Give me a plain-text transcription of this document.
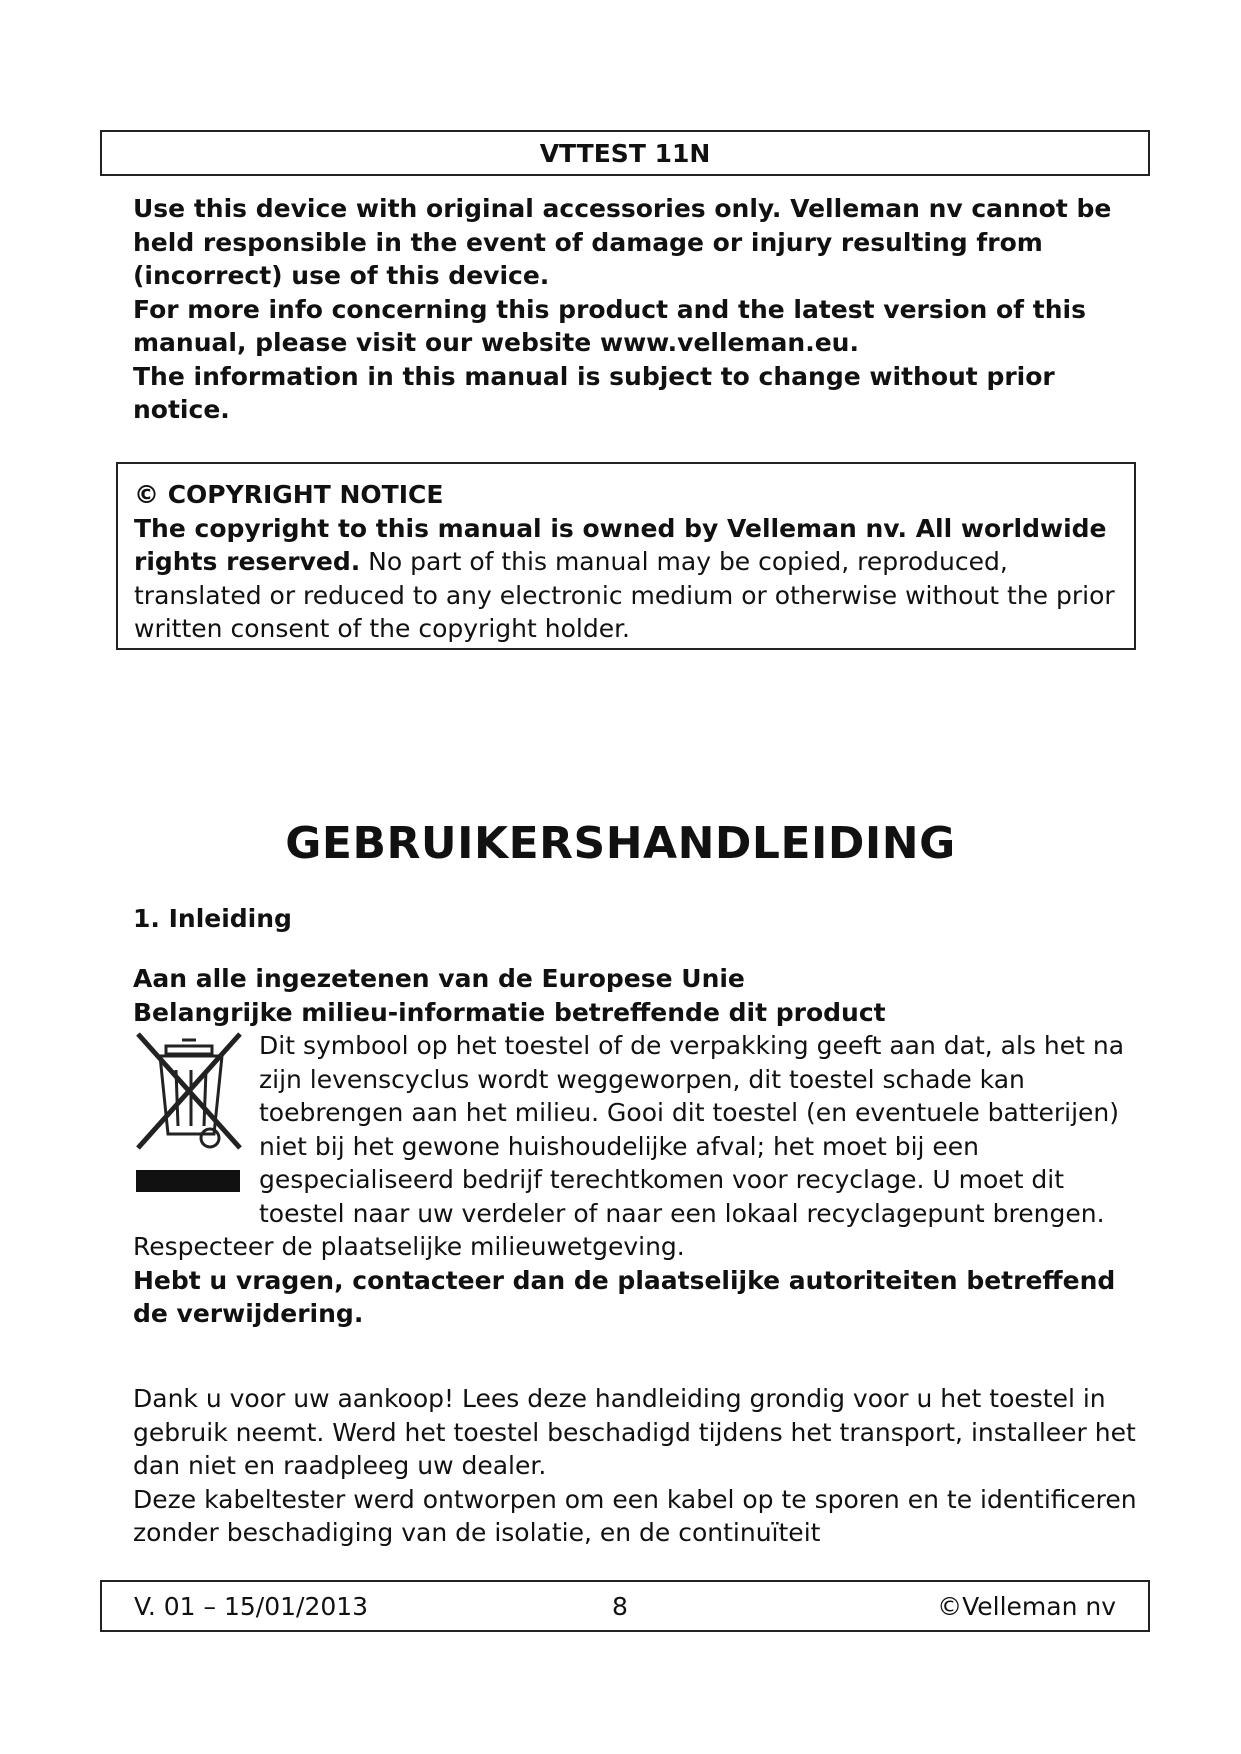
VTTEST 11N

Use this device with original accessories only. Velleman nv cannot be held responsible in the event of damage or injury resulting from (incorrect) use of this device.

For more info concerning this product and the latest version of this manual, please visit our website www.velleman.eu.

The information in this manual is subject to change without prior notice.

© COPYRIGHT NOTICE

The copyright to this manual is owned by Velleman nv. All worldwide rights reserved. No part of this manual may be copied, reproduced, translated or reduced to any electronic medium or otherwise without the prior written consent of the copyright holder.

GEBRUIKERSHANDLEIDING
1. Inleiding

Aan alle ingezetenen van de Europese Unie

Belangrijke milieu-informatie betreffende dit product

Dit symbool op het toestel of de verpakking geeft aan dat, als het na zijn levenscyclus wordt weggeworpen, dit toestel schade kan toebrengen aan het milieu. Gooi dit toestel (en eventuele batterijen) niet bij het gewone huishoudelijke afval; het moet bij een gespecialiseerd bedrijf terechtkomen voor recyclage. U moet dit toestel naar uw verdeler of naar een lokaal recyclagepunt brengen. Respecteer de plaatselijke milieuwetgeving.

Hebt u vragen, contacteer dan de plaatselijke autoriteiten betreffend de verwijdering.

Dank u voor uw aankoop! Lees deze handleiding grondig voor u het toestel in gebruik neemt. Werd het toestel beschadigd tijdens het transport, installeer het dan niet en raadpleeg uw dealer.

Deze kabeltester werd ontworpen om een kabel op te sporen en te identificeren zonder beschadiging van de isolatie, en de continuïteit

V. 01 – 15/01/2013	8	©Velleman nv
